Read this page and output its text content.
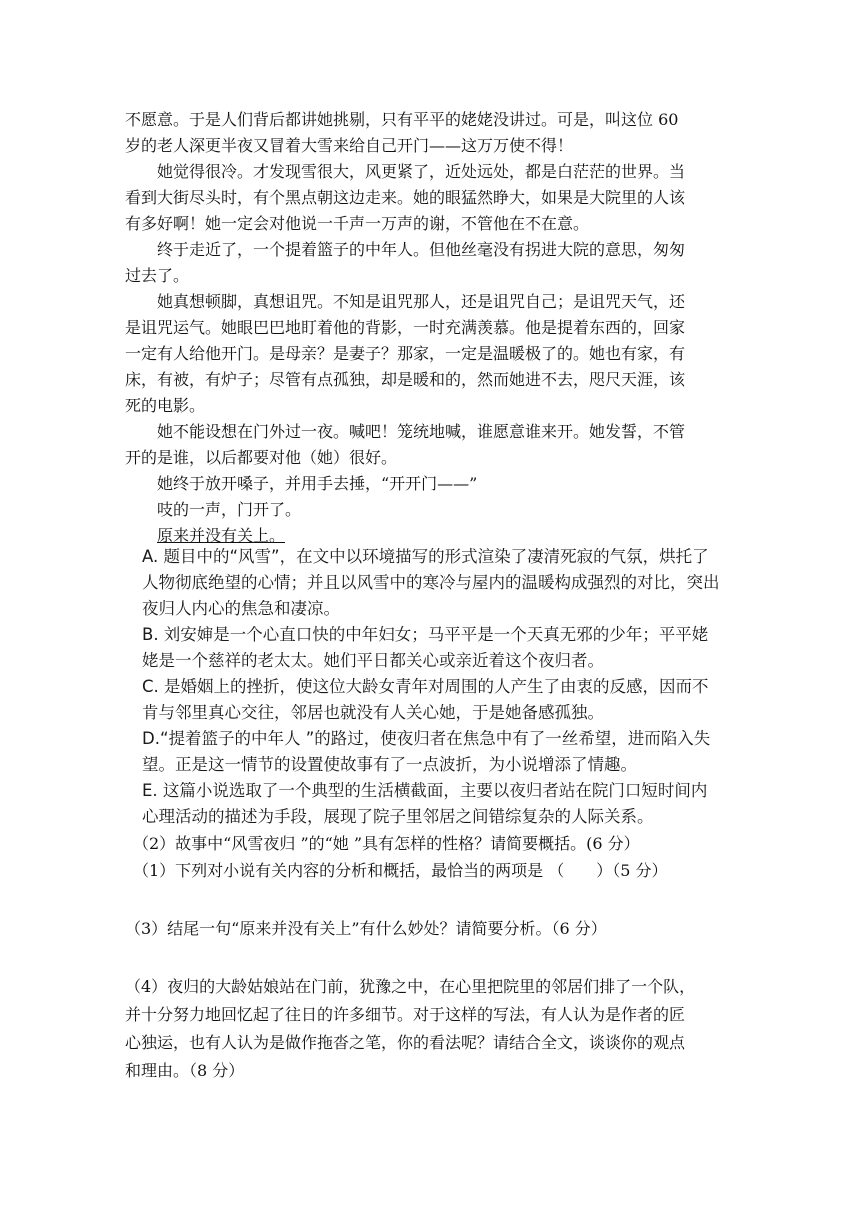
不愿意。于是人们背后都讲她挑剔，只有平平的姥姥没讲过。可是，叫这位 60

岁的老人深更半夜又冒着大雪来给自己开门——这万万使不得！

她觉得很冷。才发现雪很大，风更紧了，近处远处，都是白茫茫的世界。当

看到大街尽头时，有个黑点朝这边走来。她的眼猛然睁大，如果是大院里的人该

有多好啊！她一定会对他说一千声一万声的谢，不管他在不在意。

终于走近了，一个提着篮子的中年人。但他丝毫没有拐进大院的意思，匆匆

过去了。

她真想顿脚，真想诅咒。不知是诅咒那人，还是诅咒自己；是诅咒天气，还

是诅咒运气。她眼巴巴地盯着他的背影，一时充满羡慕。他是提着东西的，回家

一定有人给他开门。是母亲？是妻子？那家，一定是温暖极了的。她也有家，有

床，有被，有炉子；尽管有点孤独，却是暖和的，然而她进不去，咫尺天涯，该

死的电影。

她不能设想在门外过一夜。喊吧！笼统地喊，谁愿意谁来开。她发誓，不管

开的是谁，以后都要对他（她）很好。

她终于放开嗓子，并用手去捶，“开开门——”

吱的一声，门开了。

原来并没有关上。

A. 题目中的“风雪”，在文中以环境描写的形式渲染了凄清死寂的气氛，烘托了

人物彻底绝望的心情；并且以风雪中的寒冷与屋内的温暖构成强烈的对比，突出

夜归人内心的焦急和凄凉。

B. 刘安婶是一个心直口快的中年妇女；马平平是一个天真无邪的少年；平平姥

姥是一个慈祥的老太太。她们平日都关心或亲近着这个夜归者。

C. 是婚姻上的挫折，使这位大龄女青年对周围的人产生了由衷的反感，因而不

肯与邻里真心交往，邻居也就没有人关心她，于是她备感孤独。

D.“提着篮子的中年人 ”的路过，使夜归者在焦急中有了一丝希望，进而陷入失

望。正是这一情节的设置使故事有了一点波折，为小说增添了情趣。

E. 这篇小说选取了一个典型的生活横截面，主要以夜归者站在院门口短时间内

心理活动的描述为手段，展现了院子里邻居之间错综复杂的人际关系。

（2）故事中“风雪夜归 ”的“她 ”具有怎样的性格？请简要概括。(6 分）

（1）下列对小说有关内容的分析和概括，最恰当的两项是 （　　）（5 分）

（3）结尾一句“原来并没有关上”有什么妙处？请简要分析。（6 分）

（4）夜归的大龄姑娘站在门前，犹豫之中，在心里把院里的邻居们排了一个队，

并十分努力地回忆起了往日的许多细节。对于这样的写法，有人认为是作者的匠

心独运，也有人认为是做作拖沓之笔，你的看法呢？请结合全文，谈谈你的观点

和理由。（8 分）
